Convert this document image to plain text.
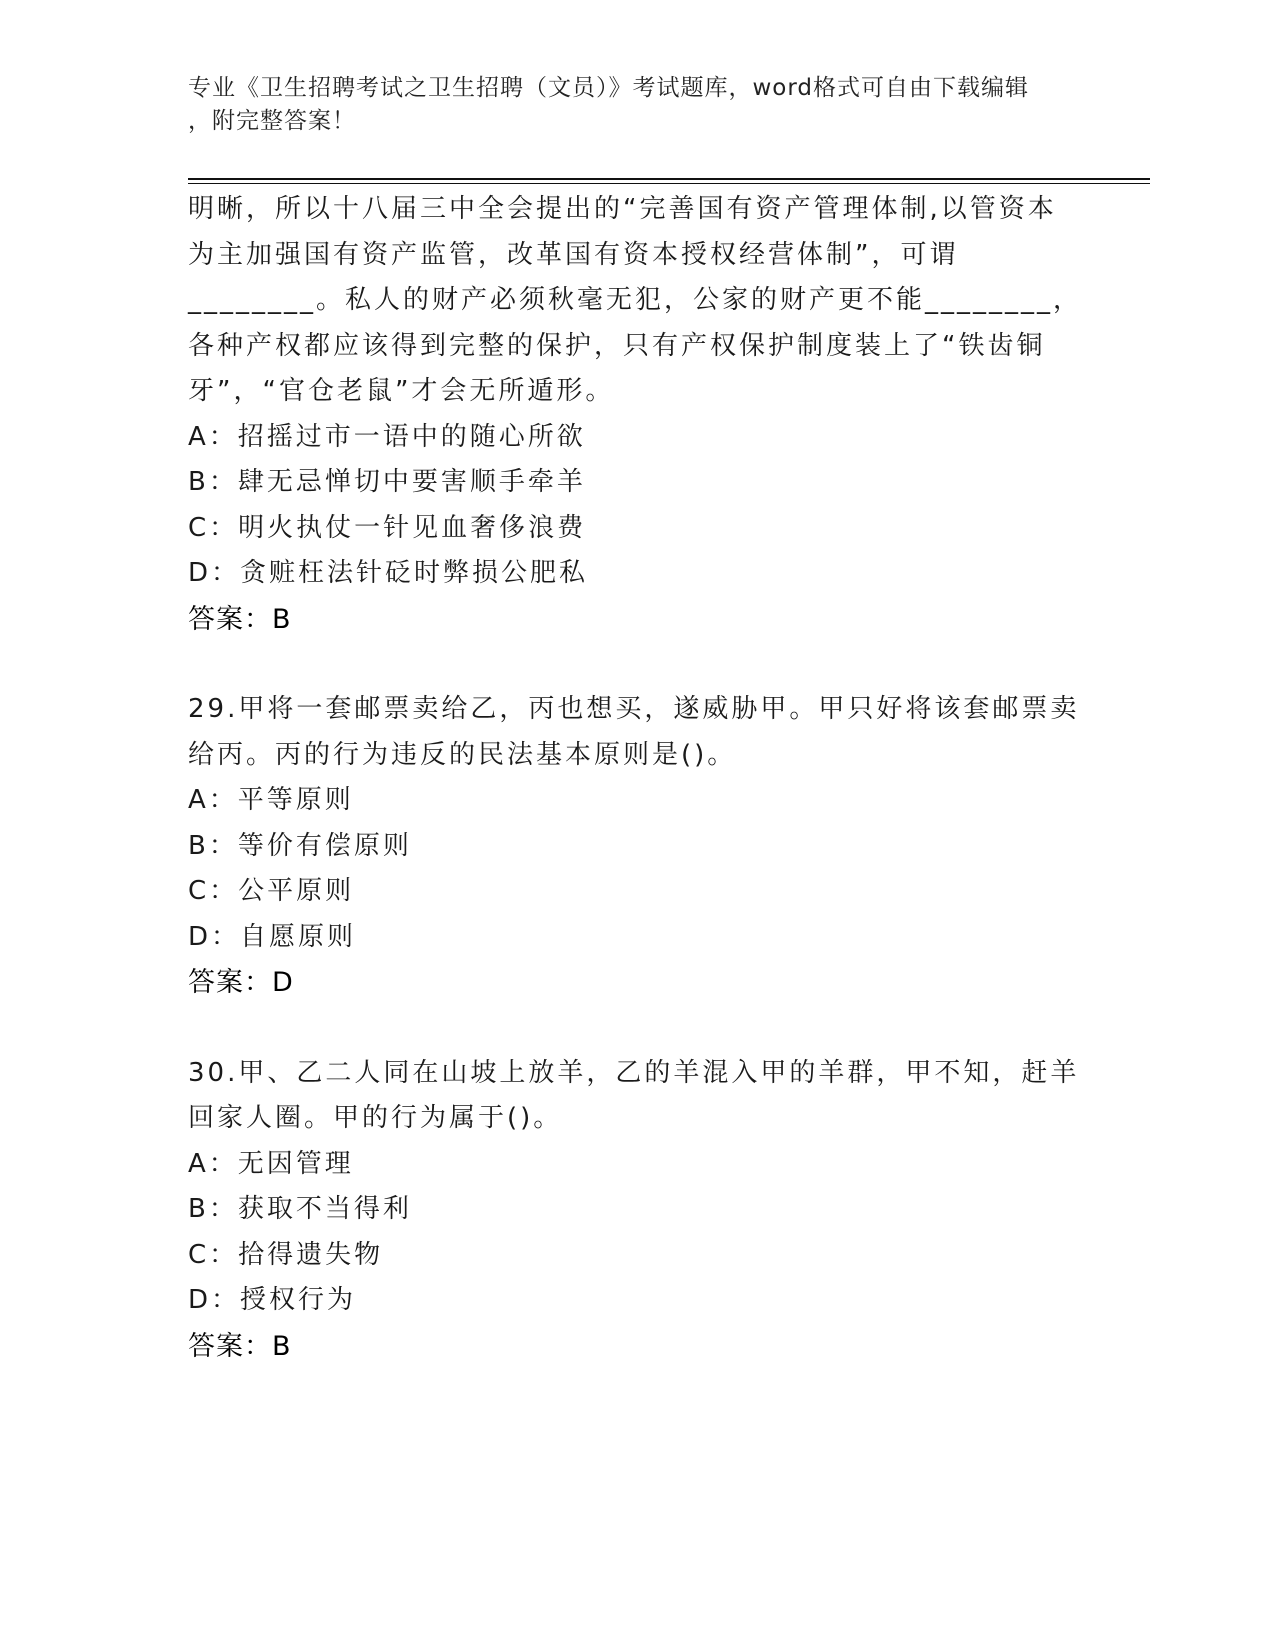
专业《卫生招聘考试之卫生招聘（文员）》考试题库，word格式可自由下载编辑
，附完整答案！
明晰，所以十八届三中全会提出的“完善国有资产管理体制,以管资本
为主加强国有资产监管，改革国有资本授权经营体制”，可谓
________。私人的财产必须秋毫无犯，公家的财产更不能________，
各种产权都应该得到完整的保护，只有产权保护制度装上了“铁齿铜
牙”，“官仓老鼠”才会无所遁形。
A：招摇过市一语中的随心所欲
B：肆无忌惮切中要害顺手牵羊
C：明火执仗一针见血奢侈浪费
D：贪赃枉法针砭时弊损公肥私
答案：B
29.甲将一套邮票卖给乙，丙也想买，遂威胁甲。甲只好将该套邮票卖
给丙。丙的行为违反的民法基本原则是()。
A：平等原则
B：等价有偿原则
C：公平原则
D：自愿原则
答案：D
30.甲、乙二人同在山坡上放羊，乙的羊混入甲的羊群，甲不知，赶羊
回家人圈。甲的行为属于()。
A：无因管理
B：获取不当得利
C：拾得遗失物
D：授权行为
答案：B
